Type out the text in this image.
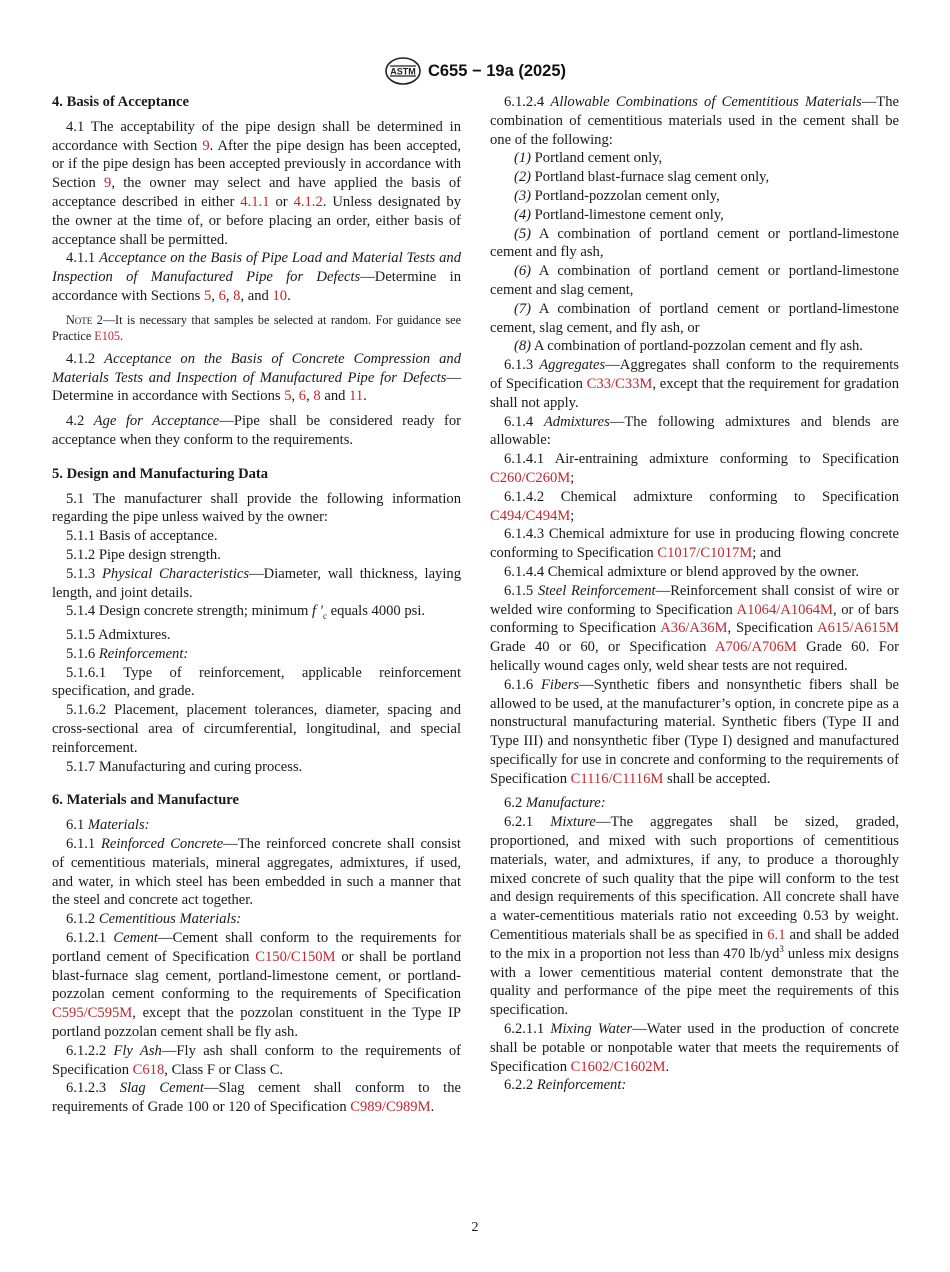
ASTM C655 − 19a (2025)

4. Basis of Acceptance

4.1 The acceptability of the pipe design shall be determined in accordance with Section 9. After the pipe design has been accepted, or if the pipe design has been accepted previously in accordance with Section 9, the owner may select and have applied the basis of acceptance described in either 4.1.1 or 4.1.2. Unless designated by the owner at the time of, or before placing an order, either basis of acceptance shall be permitted.

4.1.1 Acceptance on the Basis of Pipe Load and Material Tests and Inspection of Manufactured Pipe for Defects—Determine in accordance with Sections 5, 6, 8, and 10.

Note 2—It is necessary that samples be selected at random. For guidance see Practice E105.

4.1.2 Acceptance on the Basis of Concrete Compression and Materials Tests and Inspection of Manufactured Pipe for Defects—Determine in accordance with Sections 5, 6, 8 and 11.

4.2 Age for Acceptance—Pipe shall be considered ready for acceptance when they conform to the requirements.

5. Design and Manufacturing Data

5.1 The manufacturer shall provide the following information regarding the pipe unless waived by the owner:

5.1.1 Basis of acceptance.

5.1.2 Pipe design strength.

5.1.3 Physical Characteristics—Diameter, wall thickness, laying length, and joint details.

5.1.4 Design concrete strength; minimum f $'_c$ equals 4000 psi.

5.1.5 Admixtures.

5.1.6 Reinforcement:

5.1.6.1 Type of reinforcement, applicable reinforcement specification, and grade.

5.1.6.2 Placement, placement tolerances, diameter, spacing and cross-sectional area of circumferential, longitudinal, and special reinforcement.

5.1.7 Manufacturing and curing process.

6. Materials and Manufacture

6.1 Materials:

6.1.1 Reinforced Concrete—The reinforced concrete shall consist of cementitious materials, mineral aggregates, admixtures, if used, and water, in which steel has been embedded in such a manner that the steel and concrete act together.

6.1.2 Cementitious Materials:

6.1.2.1 Cement—Cement shall conform to the requirements for portland cement of Specification C150/C150M or shall be portland blast-furnace slag cement, portland-limestone cement, or portland-pozzolan cement conforming to the requirements of Specification C595/C595M, except that the pozzolan constituent in the Type IP portland pozzolan cement shall be fly ash.

6.1.2.2 Fly Ash—Fly ash shall conform to the requirements of Specification C618, Class F or Class C.

6.1.2.3 Slag Cement—Slag cement shall conform to the requirements of Grade 100 or 120 of Specification C989/C989M.

6.1.2.4 Allowable Combinations of Cementitious Materials—The combination of cementitious materials used in the cement shall be one of the following:

(1) Portland cement only,

(2) Portland blast-furnace slag cement only,

(3) Portland-pozzolan cement only,

(4) Portland-limestone cement only,

(5) A combination of portland cement or portland-limestone cement and fly ash,

(6) A combination of portland cement or portland-limestone cement and slag cement,

(7) A combination of portland cement or portland-limestone cement, slag cement, and fly ash, or

(8) A combination of portland-pozzolan cement and fly ash.

6.1.3 Aggregates—Aggregates shall conform to the requirements of Specification C33/C33M, except that the requirement for gradation shall not apply.

6.1.4 Admixtures—The following admixtures and blends are allowable:

6.1.4.1 Air-entraining admixture conforming to Specification C260/C260M;

6.1.4.2 Chemical admixture conforming to Specification C494/C494M;

6.1.4.3 Chemical admixture for use in producing flowing concrete conforming to Specification C1017/C1017M; and

6.1.4.4 Chemical admixture or blend approved by the owner.

6.1.5 Steel Reinforcement—Reinforcement shall consist of wire or welded wire conforming to Specification A1064/A1064M, or of bars conforming to Specification A36/A36M, Specification A615/A615M Grade 40 or 60, or Specification A706/A706M Grade 60. For helically wound cages only, weld shear tests are not required.

6.1.6 Fibers—Synthetic fibers and nonsynthetic fibers shall be allowed to be used, at the manufacturer’s option, in concrete pipe as a nonstructural manufacturing material. Synthetic fibers (Type II and Type III) and nonsynthetic fiber (Type I) designed and manufactured specifically for use in concrete and conforming to the requirements of Specification C1116/C1116M shall be accepted.

6.2 Manufacture:

6.2.1 Mixture—The aggregates shall be sized, graded, proportioned, and mixed with such proportions of cementitious materials, water, and admixtures, if any, to produce a thoroughly mixed concrete of such quality that the pipe will conform to the test and design requirements of this specification. All concrete shall have a water-cementitious materials ratio not exceeding 0.53 by weight. Cementitious materials shall be as specified in 6.1 and shall be added to the mix in a proportion not less than 470 $lb/yd^3$ unless mix designs with a lower cementitious material content demonstrate that the quality and performance of the pipe meet the requirements of this specification.

6.2.1.1 Mixing Water—Water used in the production of concrete shall be potable or nonpotable water that meets the requirements of Specification C1602/C1602M.

6.2.2 Reinforcement:

2
